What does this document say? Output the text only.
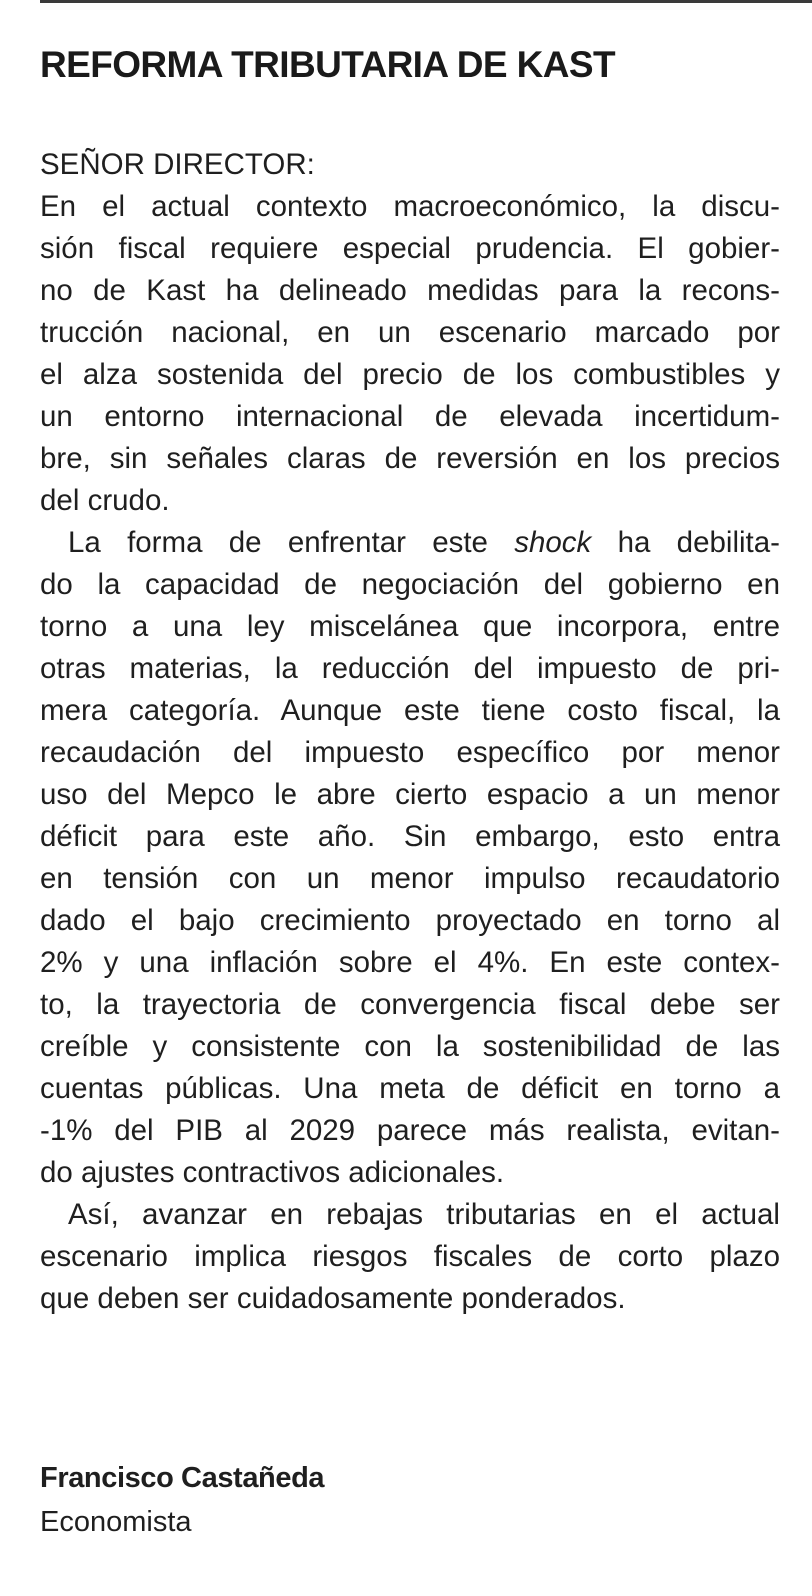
REFORMA TRIBUTARIA DE KAST
SEÑOR DIRECTOR:
En el actual contexto macroeconómico, la discu-
sión fiscal requiere especial prudencia. El gobier-
no de Kast ha delineado medidas para la recons-
trucción nacional, en un escenario marcado por
el alza sostenida del precio de los combustibles y
un entorno internacional de elevada incertidum-
bre, sin señales claras de reversión en los precios
del crudo.
La forma de enfrentar este shock ha debilita-
do la capacidad de negociación del gobierno en
torno a una ley miscelánea que incorpora, entre
otras materias, la reducción del impuesto de pri-
mera categoría. Aunque este tiene costo fiscal, la
recaudación del impuesto específico por menor
uso del Mepco le abre cierto espacio a un menor
déficit para este año. Sin embargo, esto entra
en tensión con un menor impulso recaudatorio
dado el bajo crecimiento proyectado en torno al
2% y una inflación sobre el 4%. En este contex-
to, la trayectoria de convergencia fiscal debe ser
creíble y consistente con la sostenibilidad de las
cuentas públicas. Una meta de déficit en torno a
-1% del PIB al 2029 parece más realista, evitan-
do ajustes contractivos adicionales.
Así, avanzar en rebajas tributarias en el actual
escenario implica riesgos fiscales de corto plazo
que deben ser cuidadosamente ponderados.
Francisco Castañeda
Economista
